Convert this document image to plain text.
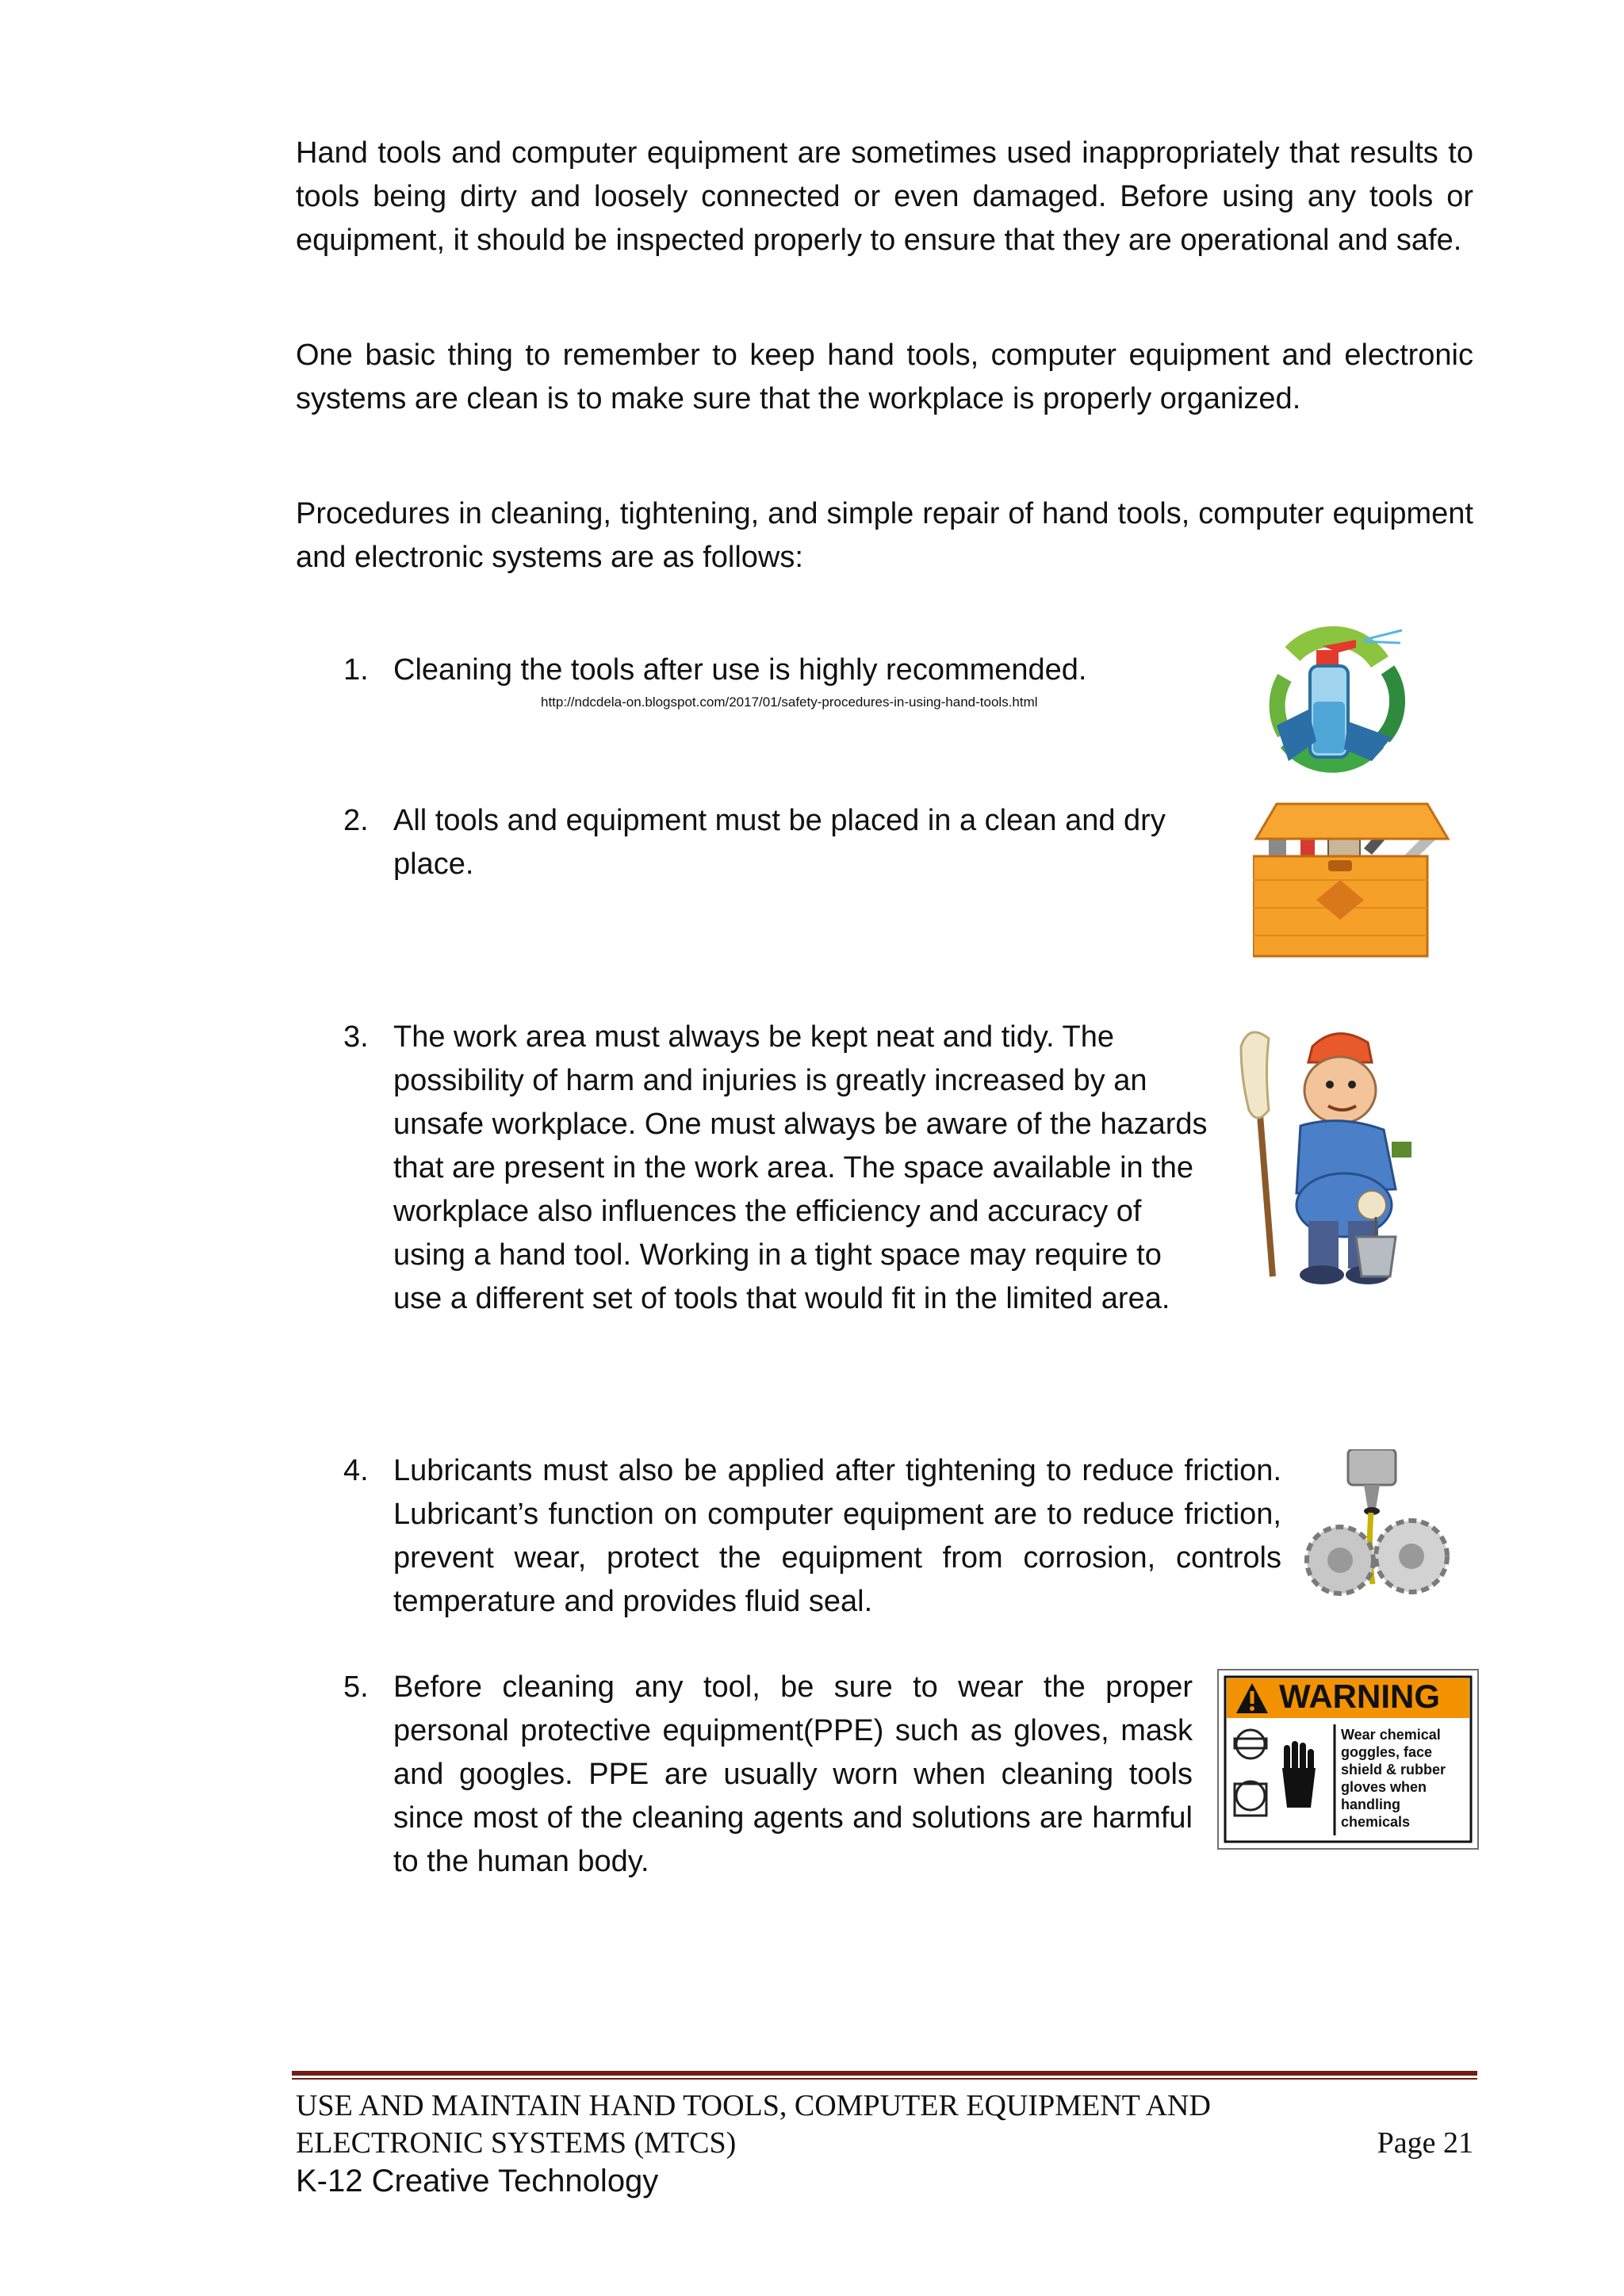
Hand tools and computer equipment are sometimes used inappropriately that results to tools being dirty and loosely connected or even damaged. Before using any tools or equipment, it should be inspected properly to ensure that they are operational and safe.

One basic thing to remember to keep hand tools, computer equipment and electronic systems are clean is to make sure that the workplace is properly organized.

Procedures in cleaning, tightening, and simple repair of hand tools, computer equipment and electronic systems are as follows:

1. Cleaning the tools after use is highly recommended.

http://ndcdela-on.blogspot.com/2017/01/safety-procedures-in-using-hand-tools.html
2. All tools and equipment must be placed in a clean and dry place.

3. The work area must always be kept neat and tidy. The possibility of harm and injuries is greatly increased by an unsafe workplace. One must always be aware of the hazards that are present in the work area. The space available in the workplace also influences the efficiency and accuracy of using a hand tool. Working in a tight space may require to use a different set of tools that would fit in the limited area.

4. Lubricants must also be applied after tightening to reduce friction. Lubricant’s function on computer equipment are to reduce friction, prevent wear, protect the equipment from corrosion, controls temperature and provides fluid seal.

5. Before cleaning any tool, be sure to wear the proper personal protective equipment(PPE) such as gloves, mask and googles. PPE are usually worn when cleaning tools since most of the cleaning agents and solutions are harmful to the human body.

WARNING
Wear chemical
goggles, face
shield & rubber
gloves when
handling
chemicals
USE AND MAINTAIN HAND TOOLS, COMPUTER EQUIPMENT AND
ELECTRONIC SYSTEMS (MTCS)	Page 21
K-12 Creative Technology
